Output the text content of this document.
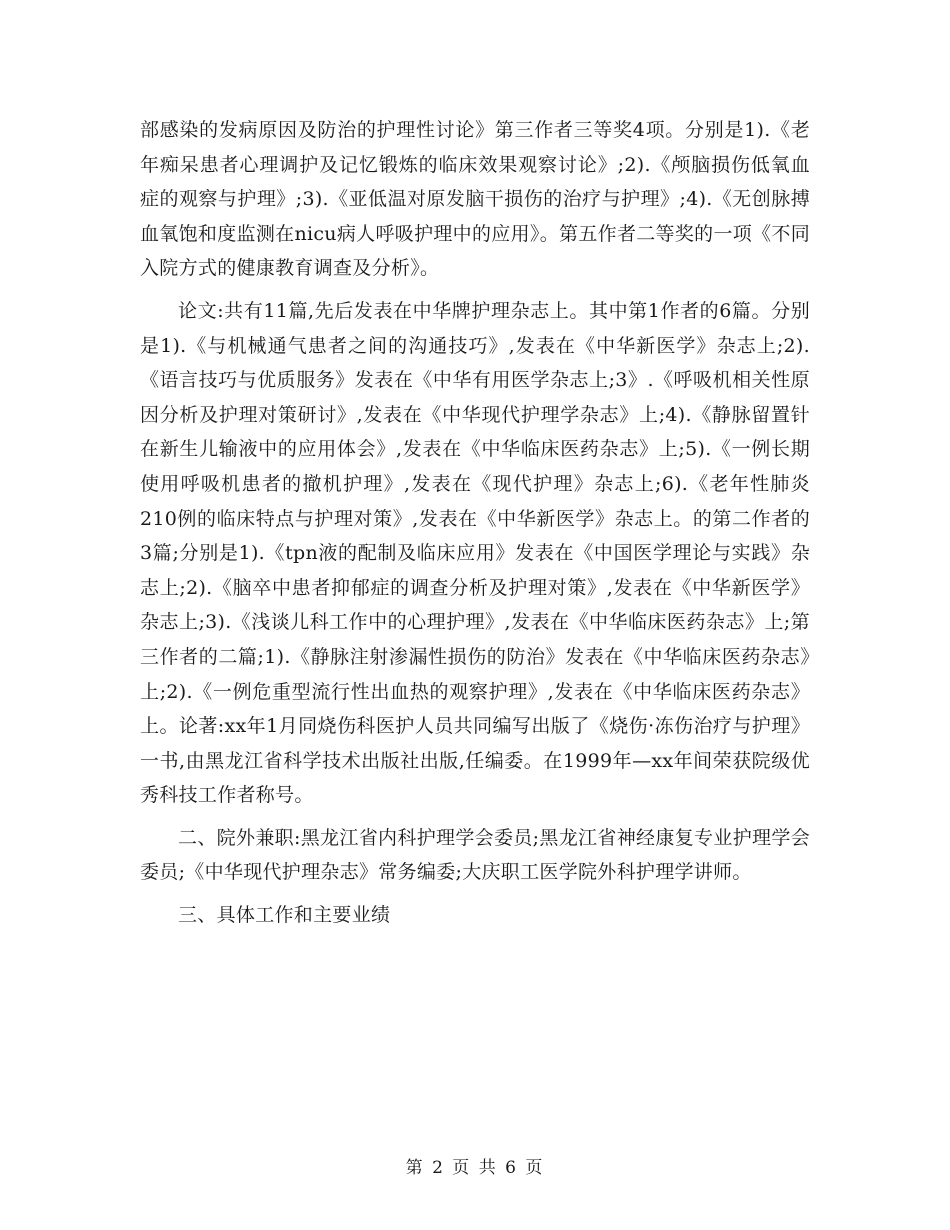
部感染的发病原因及防治的护理性讨论》第三作者三等奖4项。分别是1).《老年痴呆患者心理调护及记忆锻炼的临床效果观察讨论》;2).《颅脑损伤低氧血症的观察与护理》;3).《亚低温对原发脑干损伤的治疗与护理》;4).《无创脉搏血氧饱和度监测在nicu病人呼吸护理中的应用》。第五作者二等奖的一项《不同入院方式的健康教育调查及分析》。

论文:共有11篇,先后发表在中华牌护理杂志上。其中第1作者的6篇。分别是1).《与机械通气患者之间的沟通技巧》,发表在《中华新医学》杂志上;2).《语言技巧与优质服务》发表在《中华有用医学杂志上;3》.《呼吸机相关性原因分析及护理对策研讨》,发表在《中华现代护理学杂志》上;4).《静脉留置针在新生儿输液中的应用体会》,发表在《中华临床医药杂志》上;5).《一例长期使用呼吸机患者的撤机护理》,发表在《现代护理》杂志上;6).《老年性肺炎210例的临床特点与护理对策》,发表在《中华新医学》杂志上。的第二作者的3篇;分别是1).《tpn液的配制及临床应用》发表在《中国医学理论与实践》杂志上;2).《脑卒中患者抑郁症的调查分析及护理对策》,发表在《中华新医学》杂志上;3).《浅谈儿科工作中的心理护理》,发表在《中华临床医药杂志》上;第三作者的二篇;1).《静脉注射渗漏性损伤的防治》发表在《中华临床医药杂志》上;2).《一例危重型流行性出血热的观察护理》,发表在《中华临床医药杂志》上。论著:xx年1月同烧伤科医护人员共同编写出版了《烧伤·冻伤治疗与护理》一书,由黑龙江省科学技术出版社出版,任编委。在1999年—xx年间荣获院级优秀科技工作者称号。

二、院外兼职:黑龙江省内科护理学会委员;黑龙江省神经康复专业护理学会委员;《中华现代护理杂志》常务编委;大庆职工医学院外科护理学讲师。

三、具体工作和主要业绩

第 2 页 共 6 页
